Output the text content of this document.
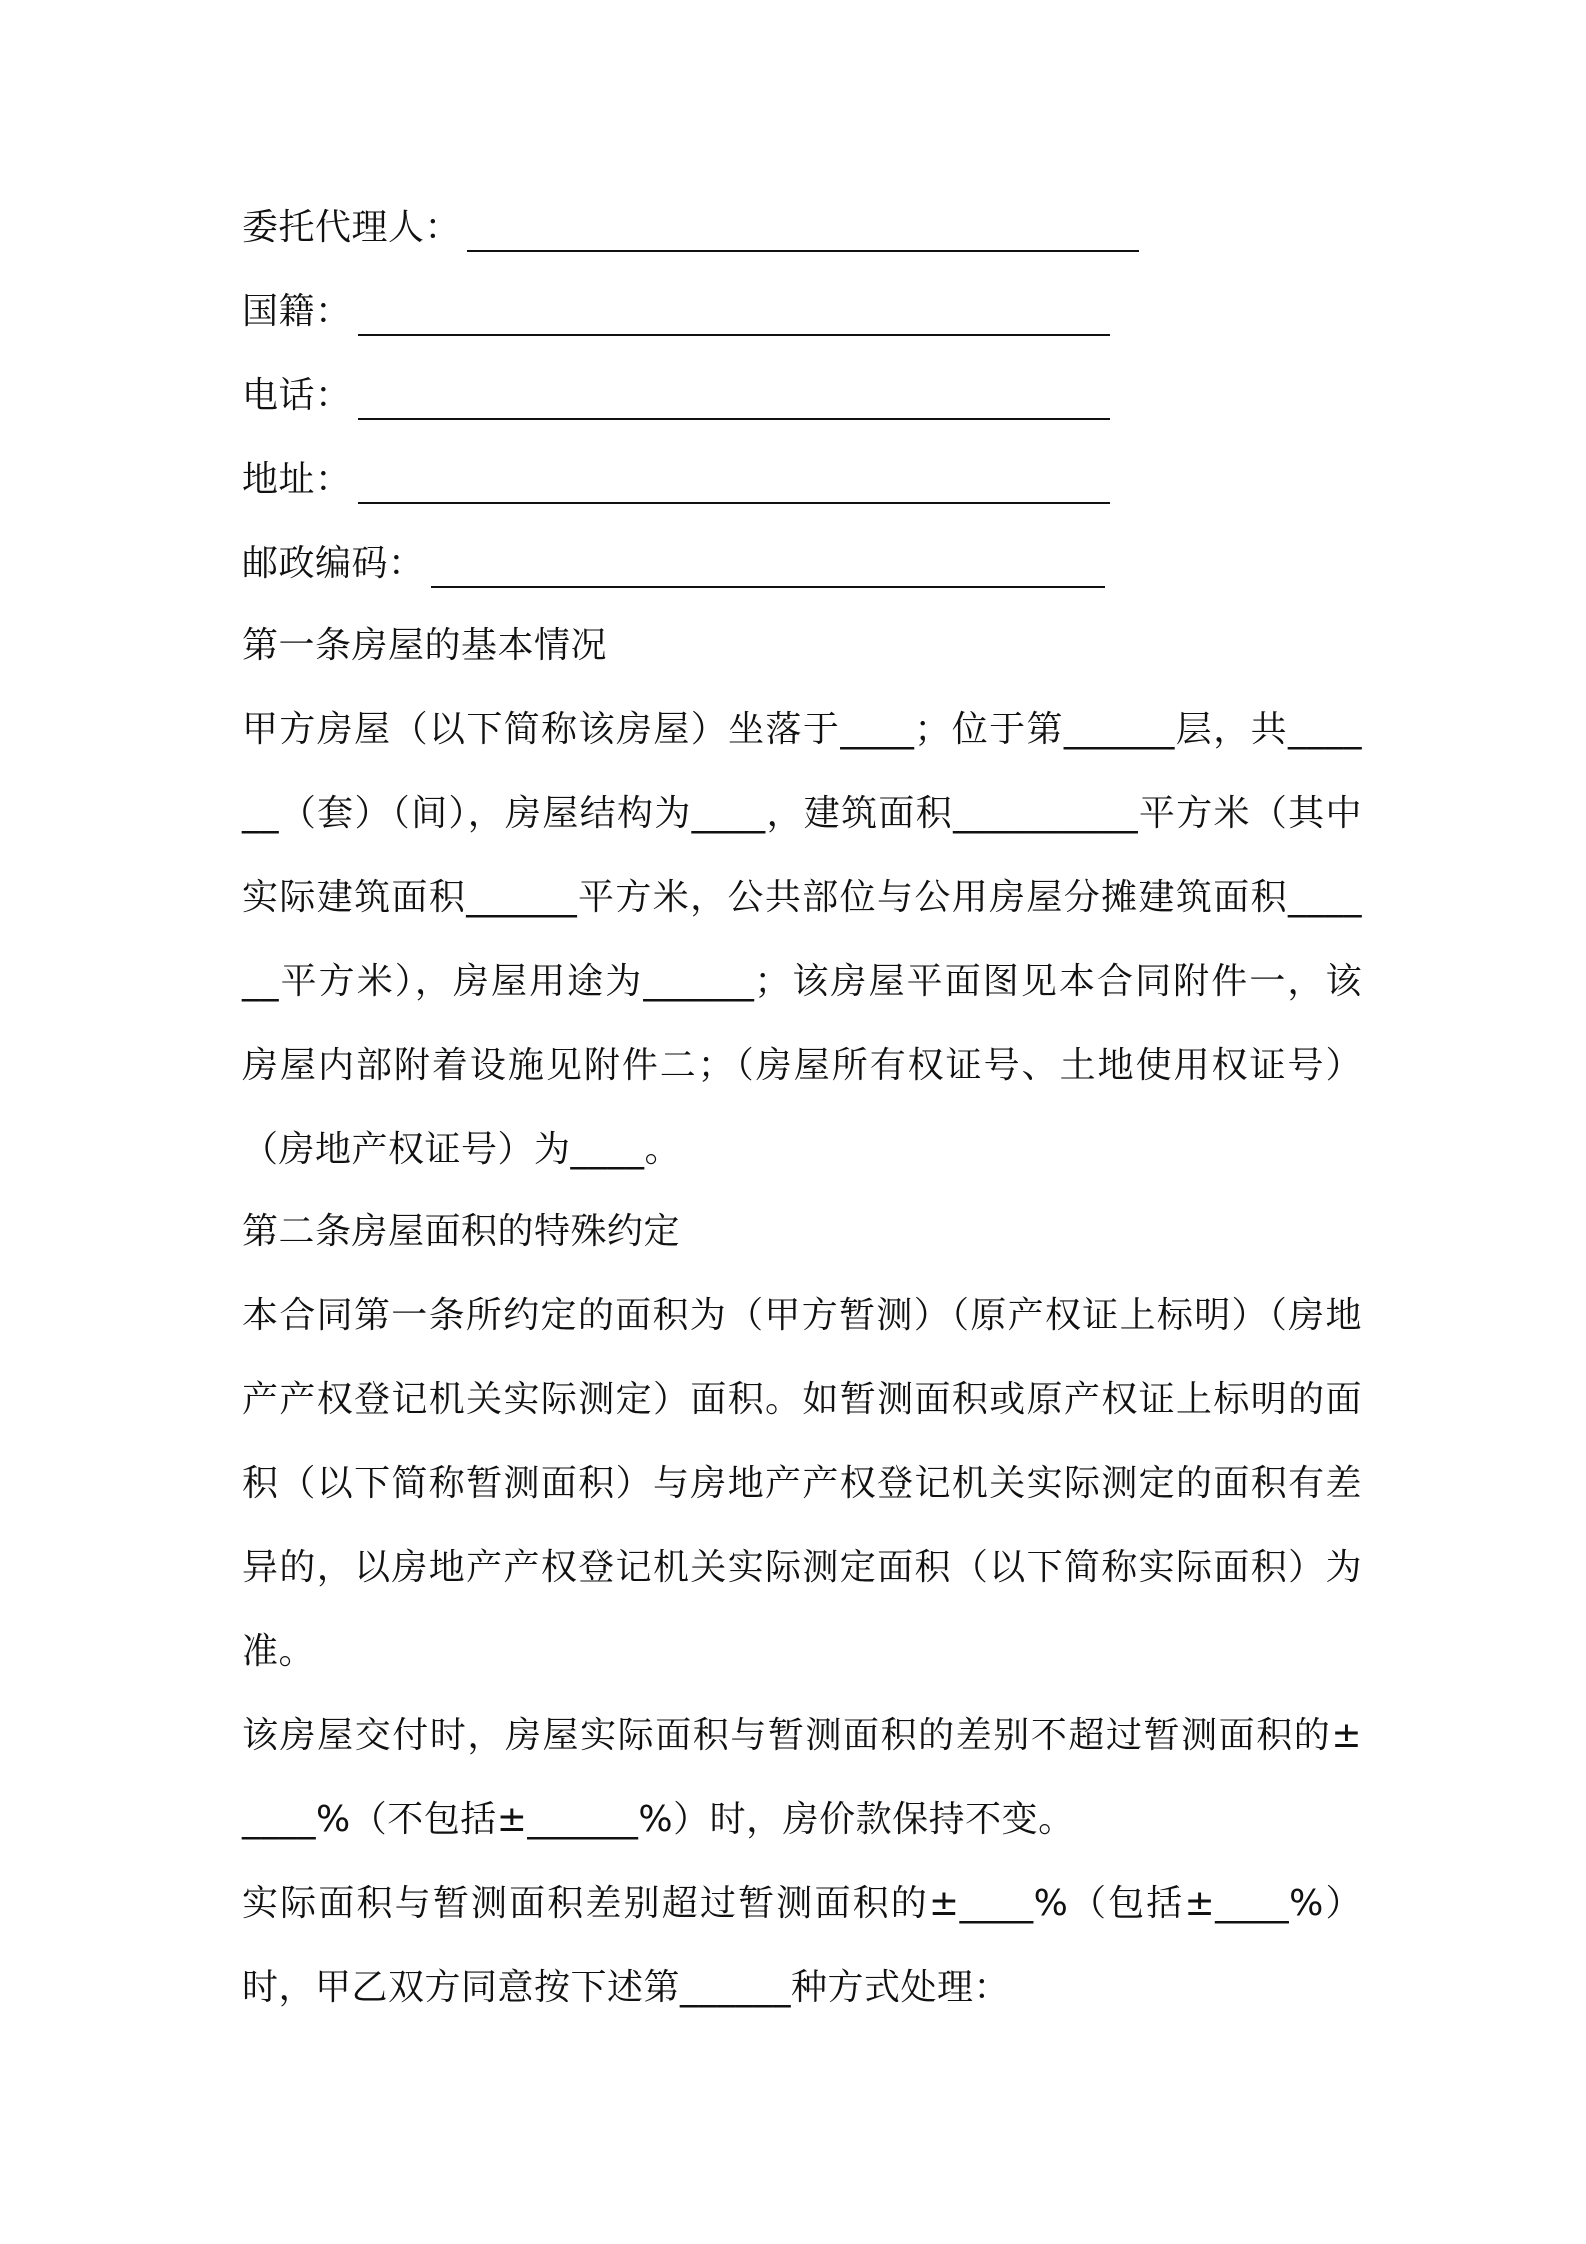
委托代理人：
国籍：
电话：
地址：
邮政编码：
第一条房屋的基本情况
甲方房屋（以下简称该房屋）坐落于____；位于第______层，共____
__（套）（间），房屋结构为____，建筑面积__________平方米（其中
实际建筑面积______平方米，公共部位与公用房屋分摊建筑面积____
__平方米），房屋用途为______；该房屋平面图见本合同附件一，该
房屋内部附着设施见附件二；（房屋所有权证号、土地使用权证号）
（房地产权证号）为____。
第二条房屋面积的特殊约定
本合同第一条所约定的面积为（甲方暂测）（原产权证上标明）（房地
产产权登记机关实际测定）面积。如暂测面积或原产权证上标明的面
积（以下简称暂测面积）与房地产产权登记机关实际测定的面积有差
异的，以房地产产权登记机关实际测定面积（以下简称实际面积）为
准。
该房屋交付时，房屋实际面积与暂测面积的差别不超过暂测面积的±
____%（不包括±______%）时，房价款保持不变。
实际面积与暂测面积差别超过暂测面积的±____%（包括±____%）
时，甲乙双方同意按下述第______种方式处理：
